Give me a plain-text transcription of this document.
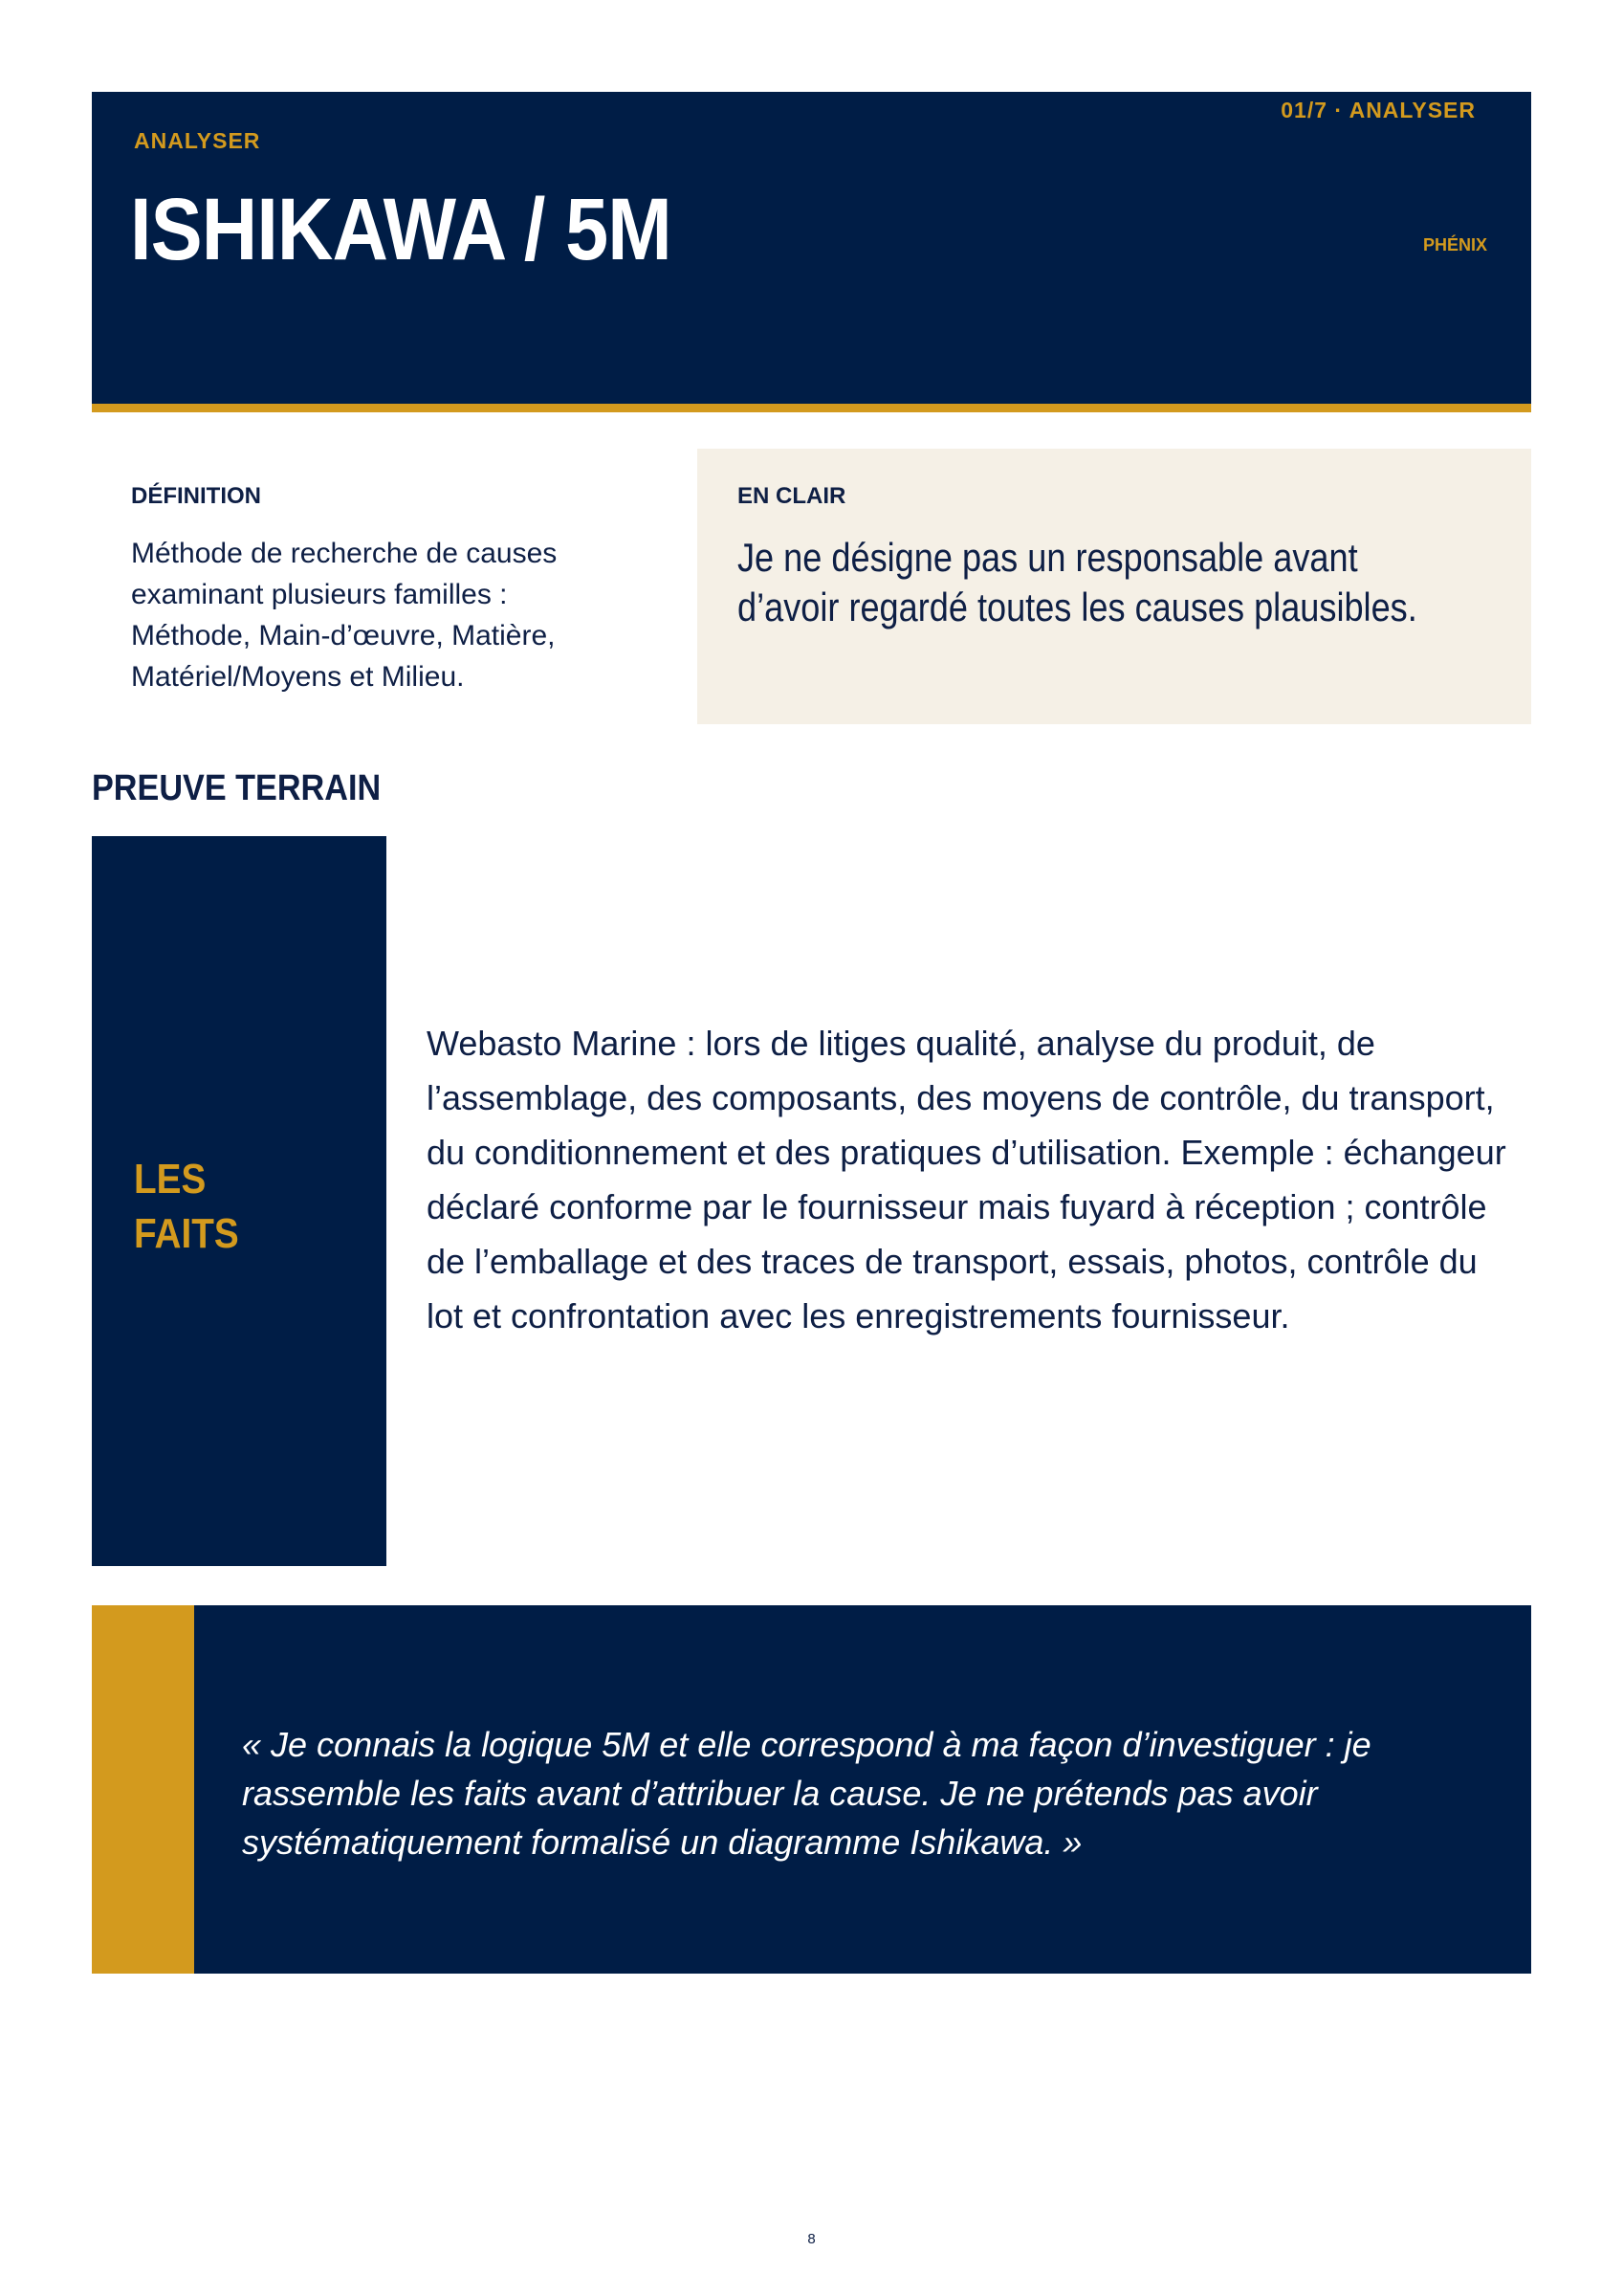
ANALYSER
ISHIKAWA / 5M
01/7 · ANALYSER
PHÉNIX
DÉFINITION
Méthode de recherche de causes examinant plusieurs familles : Méthode, Main-d’œuvre, Matière, Matériel/Moyens et Milieu.
EN CLAIR
Je ne désigne pas un responsable avant d’avoir regardé toutes les causes plausibles.
PREUVE TERRAIN
LES
FAITS
Webasto Marine : lors de litiges qualité, analyse du produit, de l’assemblage, des composants, des moyens de contrôle, du transport, du conditionnement et des pratiques d’utilisation. Exemple : échangeur déclaré conforme par le fournisseur mais fuyard à réception ; contrôle de l’emballage et des traces de transport, essais, photos, contrôle du lot et confrontation avec les enregistrements fournisseur.
« Je connais la logique 5M et elle correspond à ma façon d’investiguer : je rassemble les faits avant d’attribuer la cause. Je ne prétends pas avoir systématiquement formalisé un diagramme Ishikawa. »
8
